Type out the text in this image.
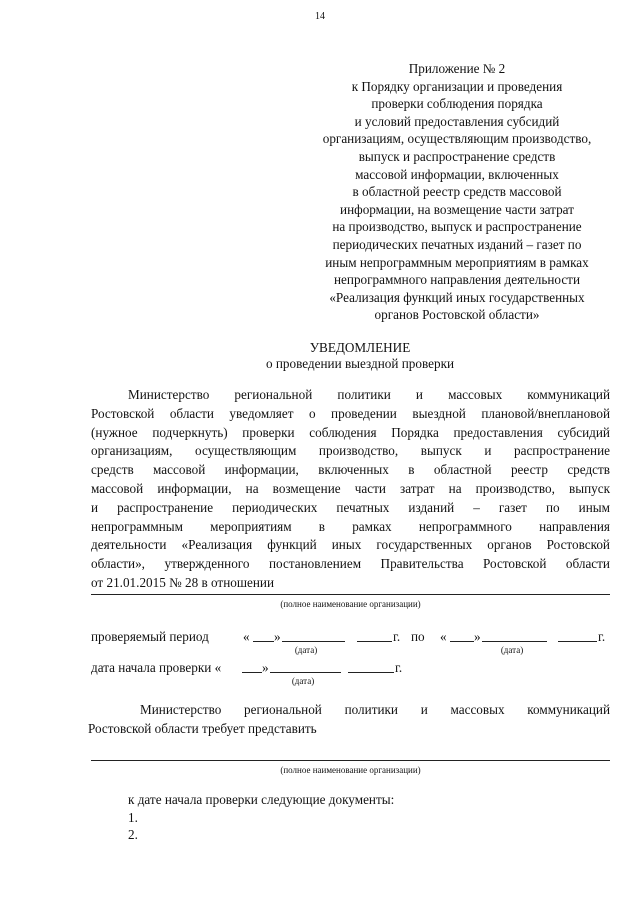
14
Приложение № 2
к Порядку организации и проведения
проверки соблюдения порядка
и условий предоставления субсидий
организациям, осуществляющим производство,
выпуск и распространение средств
массовой информации, включенных
в областной реестр средств массовой
информации, на возмещение части затрат
на производство, выпуск и распространение
периодических печатных изданий – газет по
иным непрограммным мероприятиям в рамках
непрограммного направления деятельности
«Реализация функций иных государственных
органов Ростовской области»
УВЕДОМЛЕНИЕ
о проведении выездной проверки
Министерство региональной политики и массовых коммуникаций
Ростовской области уведомляет о проведении выездной плановой/внеплановой
(нужное подчеркнуть) проверки соблюдения Порядка предоставления субсидий
организациям, осуществляющим производство, выпуск и распространение
средств массовой информации, включенных в областной реестр средств
массовой информации, на возмещение части затрат на производство, выпуск
и распространение периодических печатных изданий – газет по иным
непрограммным мероприятиям в рамках непрограммного направления
деятельности «Реализация функций иных государственных органов Ростовской
области», утвержденного постановлением Правительства Ростовской области
от 21.01.2015 № 28 в отношении
(полное наименование организации)
проверяемый период	« »	г. по « »	г.
(дата)	(дата)
дата начала проверки «	»	г.
(дата)
Министерство региональной политики и массовых коммуникаций
Ростовской области требует представить
(полное наименование организации)
к дате начала проверки следующие документы:
1.
2.
